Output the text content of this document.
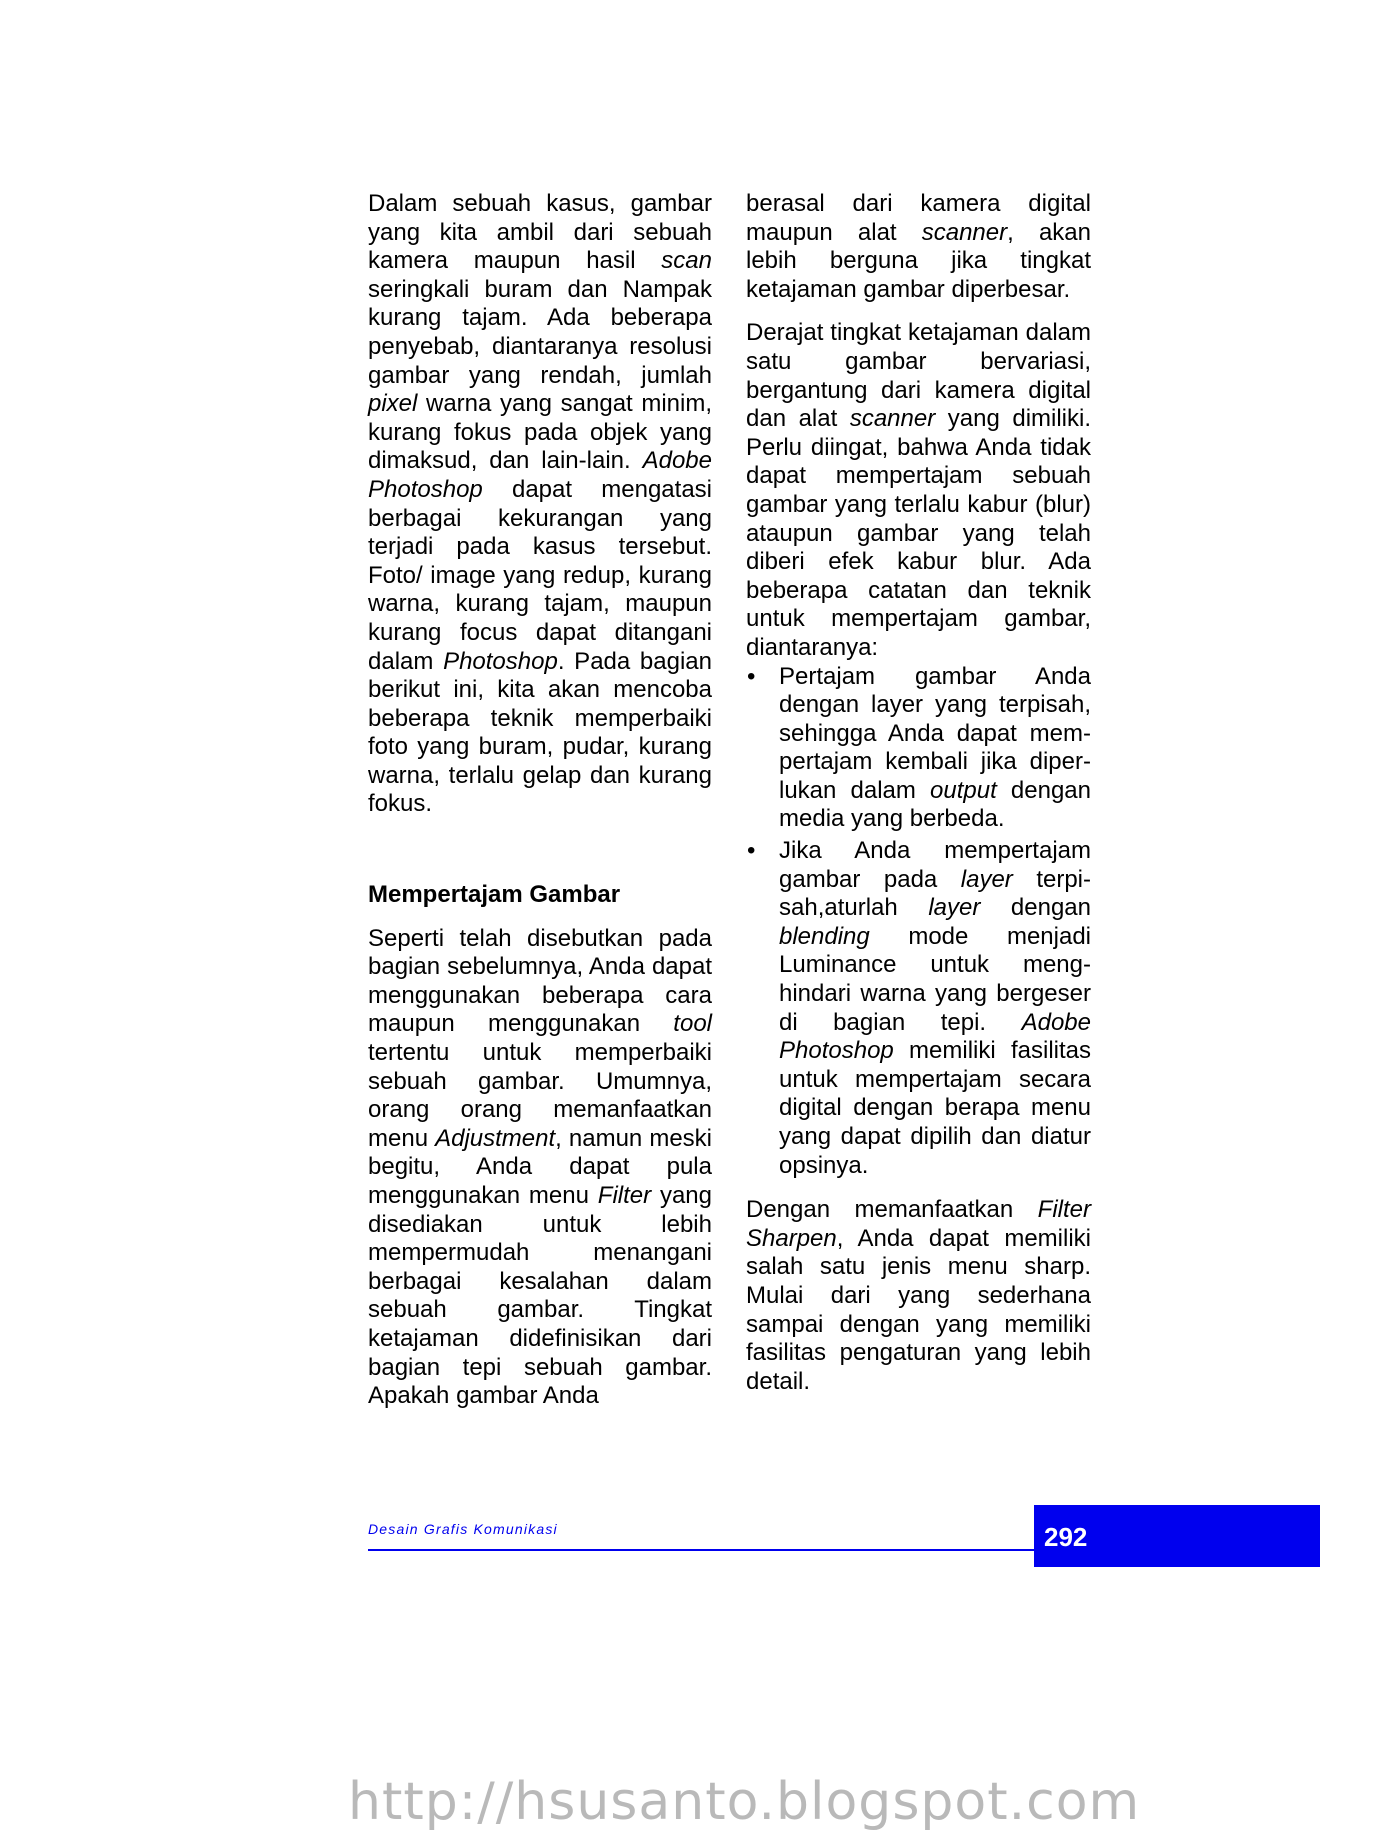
Dalam sebuah kasus, gambar yang kita ambil dari sebuah kamera maupun hasil scan seringkali buram dan Nampak kurang tajam. Ada beberapa penyebab, diantaranya resolusi gambar yang rendah, jumlah pixel warna yang sangat minim, kurang fokus pada objek yang dimaksud, dan lain-lain. Adobe Photoshop dapat mengatasi berbagai kekurangan yang terjadi pada kasus tersebut. Foto/ image yang redup, kurang warna, kurang tajam, maupun kurang focus dapat ditangani dalam Photoshop. Pada bagian berikut ini, kita akan mencoba beberapa teknik memperbaiki foto yang buram, pudar, kurang warna, terlalu gelap dan kurang fokus.

Mempertajam Gambar

Seperti telah disebutkan pada bagian sebelumnya, Anda dapat menggunakan beberapa cara maupun menggunakan tool tertentu untuk memperbaiki sebuah gambar. Umumnya, orang orang memanfaatkan menu Adjustment, namun meski begitu, Anda dapat pula menggunakan menu Filter yang disediakan untuk lebih mempermudah menangani berbagai kesalahan dalam sebuah gambar. Tingkat ketajaman didefinisikan dari bagian tepi sebuah gambar. Apakah gambar Anda

berasal dari kamera digital maupun alat scanner, akan lebih berguna jika tingkat ketajaman gambar diperbesar.

Derajat tingkat ketajaman dalam satu gambar bervariasi, bergantung dari kamera digital dan alat scanner yang dimiliki. Perlu diingat, bahwa Anda tidak dapat mempertajam sebuah gambar yang terlalu kabur (blur) ataupun gambar yang telah diberi efek kabur blur. Ada beberapa catatan dan teknik untuk mempertajam gambar, diantaranya:

• Pertajam gambar Anda dengan layer yang terpisah, sehingga Anda dapat mempertajam kembali jika diperlukan dalam output dengan media yang berbeda.
• Jika Anda mempertajam gambar pada layer terpisah,aturlah layer dengan blending mode menjadi Luminance untuk menghindari warna yang bergeser di bagian tepi. Adobe Photoshop memiliki fasilitas untuk mempertajam secara digital dengan berapa menu yang dapat dipilih dan diatur opsinya.

Dengan memanfaatkan Filter Sharpen, Anda dapat memiliki salah satu jenis menu sharp. Mulai dari yang sederhana sampai dengan yang memiliki fasilitas pengaturan yang lebih detail.

Desain Grafis Komunikasi	292
http://hsusanto.blogspot.com
